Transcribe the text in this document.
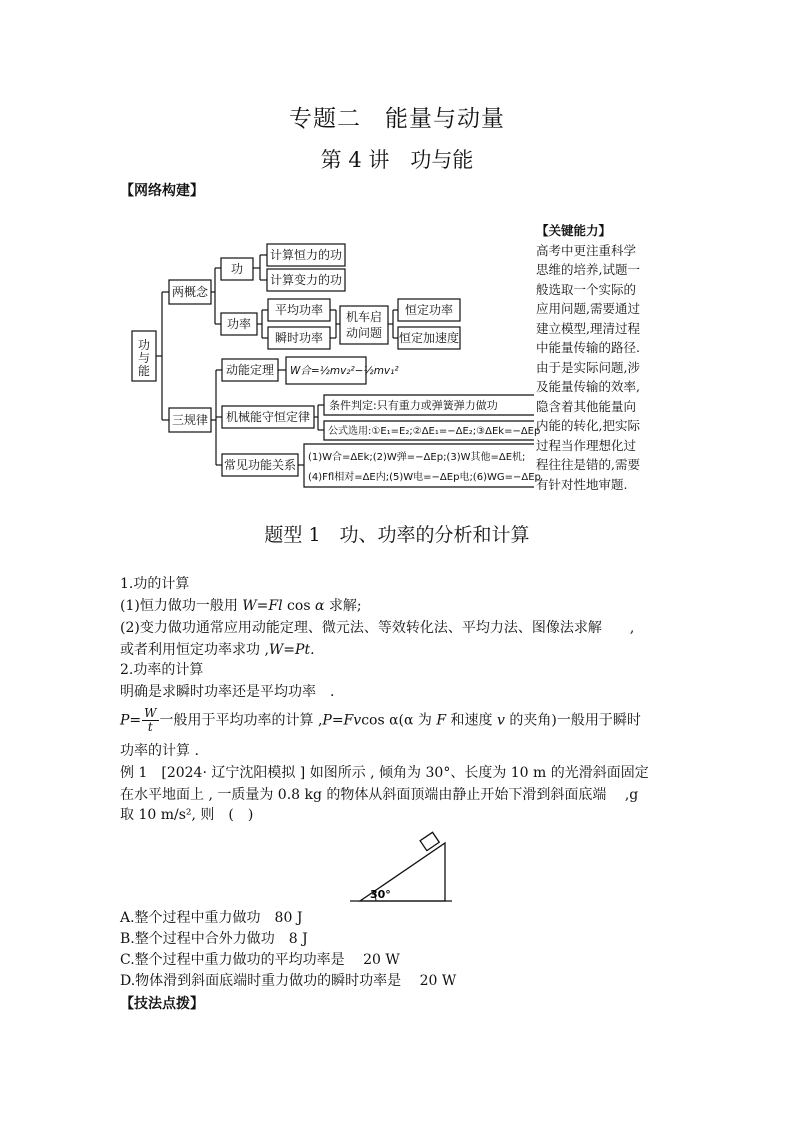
专题二　能量与动量
第 4 讲　功与能
【网络构建】
功
与
能
两概念
三规律
功
功率
计算恒力的功
计算变力的功
平均功率
瞬时功率
机车启
动问题
恒定功率
恒定加速度
动能定理
机械能守恒定律
常见功能关系
W合=½mv₂²−½mv₁²
条件判定:只有重力或弹簧弹力做功
公式选用:①E₁=E₂;②ΔE₁=−ΔE₂;③ΔEk=−ΔEp
(1)W合=ΔEk;(2)W弹=−ΔEp;(3)W其他=ΔE机;
(4)Ffl相对=ΔE内;(5)W电=−ΔEp电;(6)WG=−ΔEp
【关键能力】
高考中更注重科学
思维的培养,试题一
般选取一个实际的
应用问题,需要通过
建立模型,理清过程
中能量传输的路径.
由于是实际问题,涉
及能量传输的效率,
隐含着其他能量向
内能的转化,把实际
过程当作理想化过
程往往是错的,需要
有针对性地审题.
题型 1　功、功率的分析和计算
1.功的计算
(1)恒力做功一般用 W=Fl cos α 求解;
(2)变力做功通常应用动能定理、微元法、等效转化法、平均力法、图像法求解　　,
或者利用恒定功率求功 ,W=Pt.
2.功率的计算
明确是求瞬时功率还是平均功率　.
$P= \frac{W}{t}$ 一般用于平均功率的计算 ,P=Fvcos α(α 为 F 和速度 v 的夹角)一般用于瞬时
功率的计算 .
例 1　[2024· 辽宁沈阳模拟 ] 如图所示 , 倾角为 30°、长度为 10 m 的光滑斜面固定
在水平地面上 , 一质量为 0.8 kg 的物体从斜面顶端由静止开始下滑到斜面底端　 ,g
取 10 m/s², 则　(　)
30°
A.整个过程中重力做功　80 J
B.整个过程中合外力做功　8 J
C.整个过程中重力做功的平均功率是　 20 W
D.物体滑到斜面底端时重力做功的瞬时功率是　 20 W
【技法点拨】
